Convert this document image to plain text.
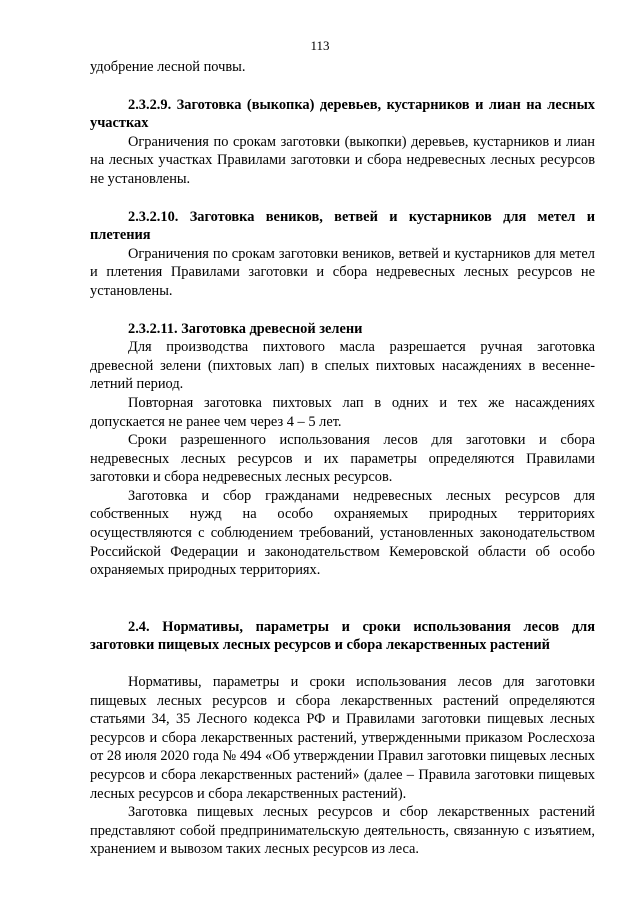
113

удобрение лесной почвы.

2.3.2.9. Заготовка (выкопка) деревьев, кустарников и лиан на лесных участках

Ограничения по срокам заготовки (выкопки) деревьев, кустарников и лиан на лесных участках Правилами заготовки и сбора недревесных лесных ресурсов не установлены.

2.3.2.10. Заготовка веников, ветвей и кустарников для метел и плетения

Ограничения по срокам заготовки веников, ветвей и кустарников для метел и плетения Правилами заготовки и сбора недревесных лесных ресурсов не установлены.

2.3.2.11. Заготовка древесной зелени

Для производства пихтового масла разрешается ручная заготовка древесной зелени (пихтовых лап) в спелых пихтовых насаждениях в весенне-летний период.

Повторная заготовка пихтовых лап в одних и тех же насаждениях допускается не ранее чем через 4 – 5 лет.

Сроки разрешенного использования лесов для заготовки и сбора недревесных лесных ресурсов и их параметры определяются Правилами заготовки и сбора недревесных лесных ресурсов.

Заготовка и сбор гражданами недревесных лесных ресурсов для собственных нужд на особо охраняемых природных территориях осуществляются с соблюдением требований, установленных законодательством Российской Федерации и законодательством Кемеровской области об особо охраняемых природных территориях.

2.4. Нормативы, параметры и сроки использования лесов для заготовки пищевых лесных ресурсов и сбора лекарственных растений

Нормативы, параметры и сроки использования лесов для заготовки пищевых лесных ресурсов и сбора лекарственных растений определяются статьями 34, 35 Лесного кодекса РФ и Правилами заготовки пищевых лесных ресурсов и сбора лекарственных растений, утвержденными приказом Рослесхоза от 28 июля 2020 года № 494 «Об утверждении Правил заготовки пищевых лесных ресурсов и сбора лекарственных растений» (далее – Правила заготовки пищевых лесных ресурсов и сбора лекарственных растений).

Заготовка пищевых лесных ресурсов и сбор лекарственных растений представляют собой предпринимательскую деятельность, связанную с изъятием, хранением и вывозом таких лесных ресурсов из леса.
